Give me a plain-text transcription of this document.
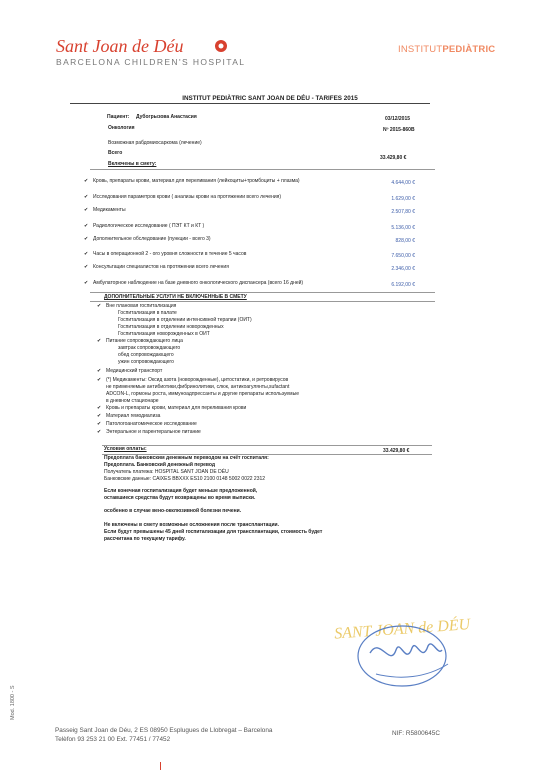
Sant Joan de Déu
BARCELONA CHILDREN'S HOSPITAL
INSTITUTPEDIÀTRIC
INSTITUT PEDIÀTRIC SANT JOAN DE DÉU - TARIFES 2015
Пациент: Дубогрызова Анастасия	03/12/2015
Онкология	Nº 2015-860B
Возможная рабдомиосаркома (лечение)
Всего
33.429,80 €
Включены в смету:
✔ Кровь, препараты крови, материал для переливания (лейкоциты+тромбоциты + плазма)	4.644,00 €
✔ Исследования параметров крови ( анализы крови на протяжении всего лечения)	1.629,00 €
✔ Медикаменты	2.507,80 €
✔ Радиологическое исследование ( ПЭТ КТ и КТ )	5.136,00 €
✔ Дополнительное обследование (пункции - всего 3)	828,00 €
✔ Часы в операционной 2 - ого уровня сложности в течение 5 часов	7.650,00 €
✔ Консультации специалистов на протяжении всего лечения	2.346,00 €
✔ Амбулаторное наблюдение на базе дневного онкологического диспансера (всего 16 дней)	6.192,00 €
ДОПОЛНИТЕЛЬНЫЕ УСЛУГИ НЕ ВКЛЮЧЕННЫЕ В СМЕТУ
✔ Вне плановая госпитализация
Госпитализация в палате
Госпитализация в отделении интенсивной терапии (ОИТ)
Госпитализация в отделении новорожденных
Госпитализация новорожденных в ОИТ
✔ Питание сопровождающего лица
завтрак сопровождающего
обед сопровождающего
ужин сопровождающего
✔ Медицинский транспорт
✔ (*) Медикаменты: Оксид азота (новорожденные), цитостатики, и ретровирусов
не применяемые антибиотики,фибринолитики, слюк, антикоагулянты,sufactant
ADCON-L, гормоны роста, иммуноадпрессанты и другие препараты используемые
в дневном стационаре
✔ Кровь и препараты крови, материал для переливания крови
✔ Материал гемодиализа
✔ Патологоанатомическое исследование
✔ Энтеральное и парентеральное питание
Условия оплаты:	33.429,80 €
Предоплата банковским денежным переводом на счёт госпиталя:
Предоплата. Банковский денежный перевод
Получатель платежа: HOSPITAL SANT JOAN DE DÉU
Банковские данные: CAIXES BBXXX ES10 2100 0148 5002 0022 2312
Если конечная госпитализация будет меньше предложенной,
оставшиеся средства будут возвращены во время выписки.
особенно в случае вено-окклюзивной болезни печени.
Не включены в смету возможные осложнения после трансплантации.
Если будут превышены 45 дней госпитализации для трансплантации, стоимость будет
рассчитана по текущему тарифу.
SANT JOAN de DÉU
Mod. 1800 - S
Passeig Sant Joan de Déu, 2 ES 08950 Esplugues de Llobregat – Barcelona
Telèfon 93 253 21 00 Ext. 77451 / 77452
NIF: R5800645C
